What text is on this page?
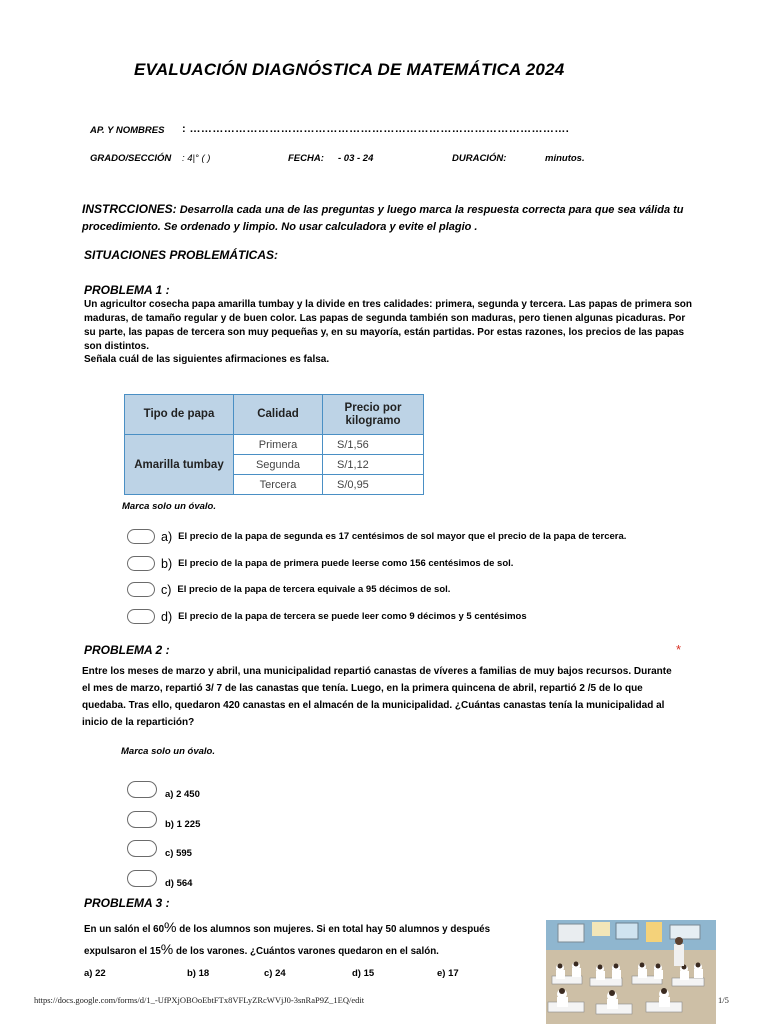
EVALUACIÓN DIAGNÓSTICA DE MATEMÁTICA 2024
AP. Y NOMBRES : ……………………………………………………………………………………….
GRADO/SECCIÓN : 4|° ( )	FECHA: - 03 - 24	DURACIÓN:	minutos.
INSTRCCIONES: Desarrolla cada una de las preguntas y luego marca la respuesta correcta para que sea válida tu procedimiento. Se ordenado y limpio. No usar calculadora y evite el plagio .
SITUACIONES PROBLEMÁTICAS:
PROBLEMA 1 :
Un agricultor cosecha papa amarilla tumbay y la divide en tres calidades: primera, segunda y tercera. Las papas de primera son maduras, de tamaño regular y de buen color. Las papas de segunda también son maduras, pero tienen algunas picaduras. Por su parte, las papas de tercera son muy pequeñas y, en su mayoría, están partidas. Por estas razones, los precios de las papas son distintos.
Señala cuál de las siguientes afirmaciones es falsa.
Tipo de papa	Calidad	Precio por kilogramo
Amarilla tumbay	Primera	S/1,56
	Segunda	S/1,12
	Tercera	S/0,95
Marca solo un óvalo.
a) El precio de la papa de segunda es 17 centésimos de sol mayor que el precio de la papa de tercera.
b) El precio de la papa de primera puede leerse como 156 centésimos de sol.
c) El precio de la papa de tercera equivale a 95 décimos de sol.
d) El precio de la papa de tercera se puede leer como 9 décimos y 5 centésimos
PROBLEMA 2 :	*
Entre los meses de marzo y abril, una municipalidad repartió canastas de víveres a familias de muy bajos recursos. Durante el mes de marzo, repartió 3/ 7 de las canastas que tenía. Luego, en la primera quincena de abril, repartió 2 /5 de lo que quedaba. Tras ello, quedaron 420 canastas en el almacén de la municipalidad. ¿Cuántas canastas tenía la municipalidad al inicio de la repartición?
Marca solo un óvalo.
a) 2 450
b) 1 225
c) 595
d) 564
PROBLEMA 3 :
En un salón el 60% de los alumnos son mujeres. Si en total hay 50 alumnos y después
expulsaron el 15% de los varones. ¿Cuántos varones quedaron en el salón.
a) 22	b) 18	c) 24	d) 15	e) 17
https://docs.google.com/forms/d/1_-UfPXjOBOoEbtFTx8VFLyZRcWVjJ0-3snRaP9Z_1EQ/edit	1/5
